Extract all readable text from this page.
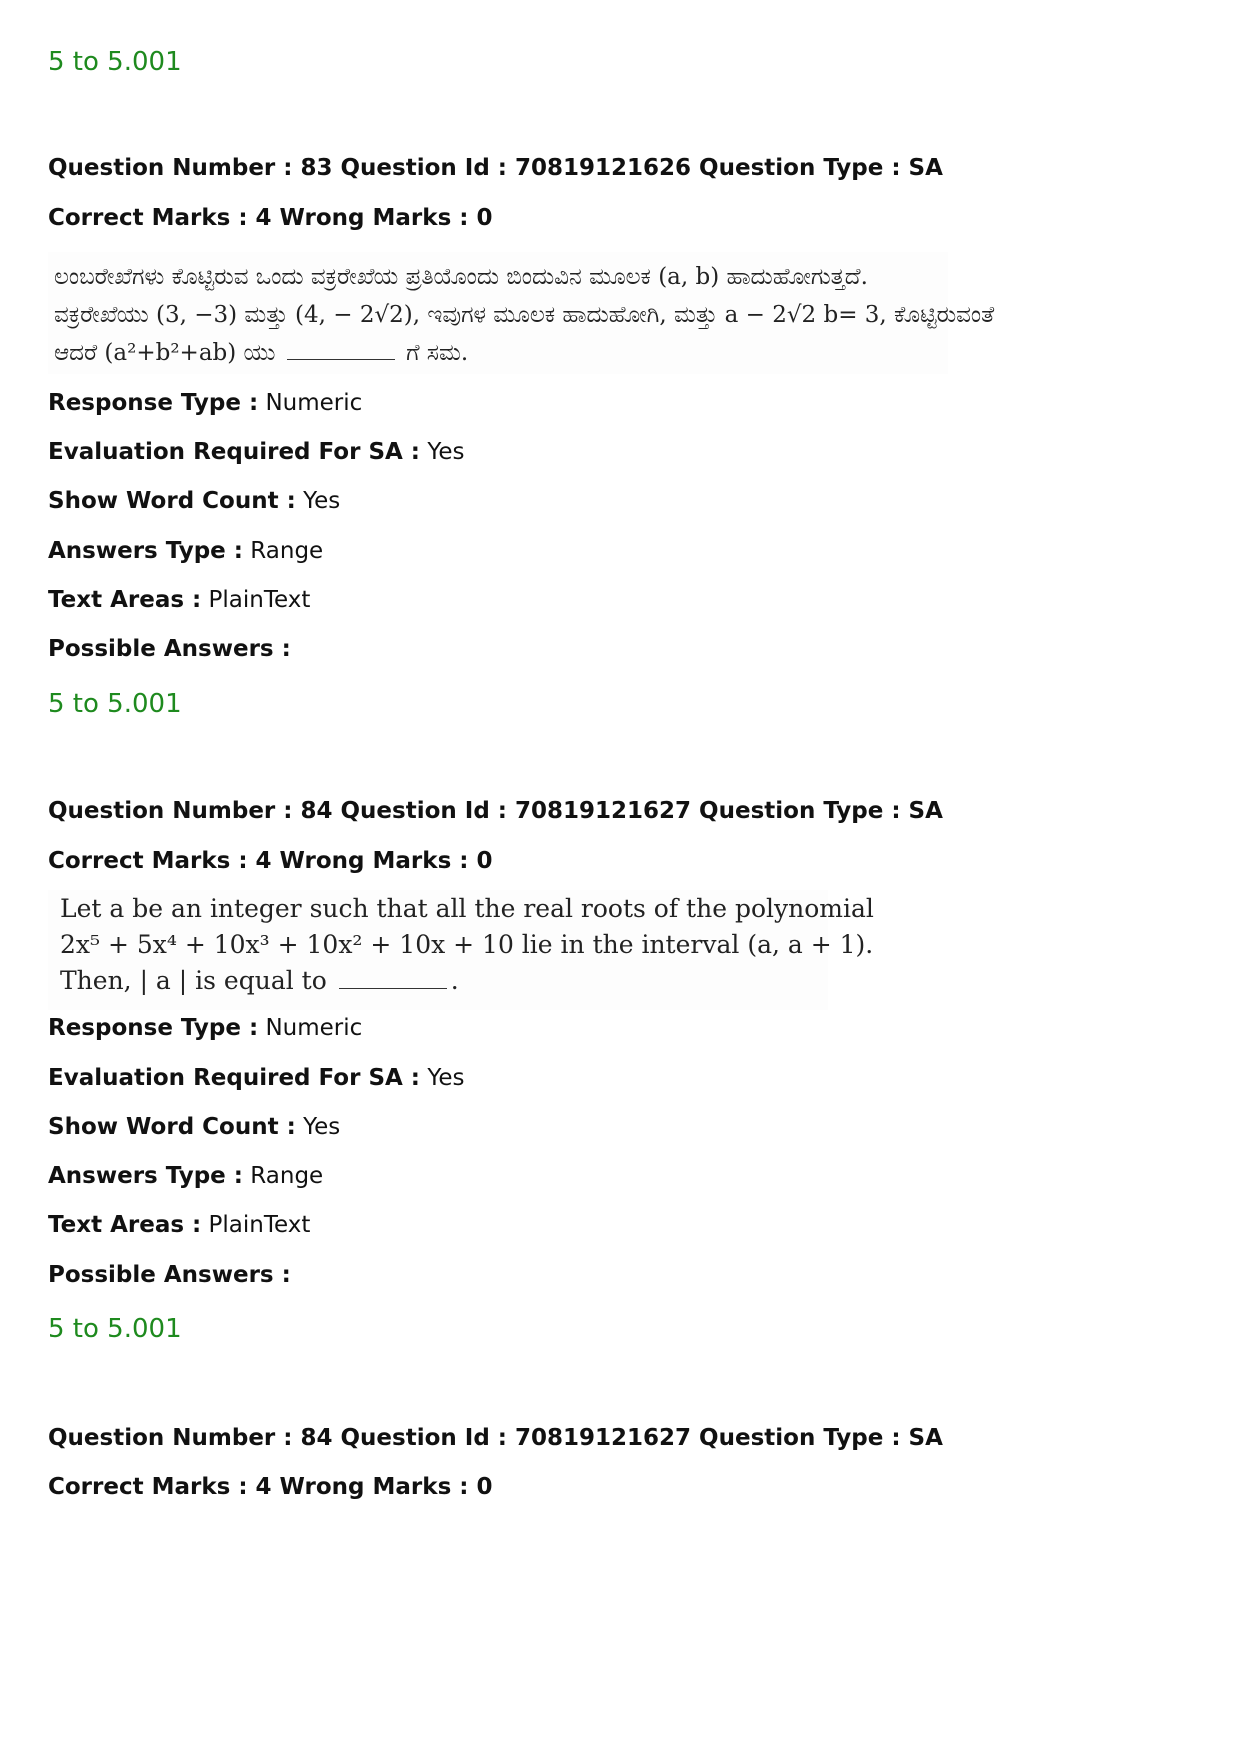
5 to 5.001
Question Number : 83 Question Id : 70819121626 Question Type : SA
Correct Marks : 4 Wrong Marks : 0
ಲಂಬರೇಖೆಗಳು ಕೊಟ್ಟಿರುವ ಒಂದು ವಕ್ರರೇಖೆಯ ಪ್ರತಿಯೊಂದು ಬಿಂದುವಿನ ಮೂಲಕ (a, b) ಹಾದುಹೋಗುತ್ತದೆ.
ವಕ್ರರೇಖೆಯು (3, −3) ಮತ್ತು (4, − 2√2), ಇವುಗಳ ಮೂಲಕ ಹಾದುಹೋಗಿ, ಮತ್ತು a − 2√2 b= 3, ಕೊಟ್ಟಿರುವಂತೆ
ಆದರೆ (a²+b²+ab) ಯು	ಗೆ ಸಮ.
Response Type : Numeric
Evaluation Required For SA : Yes
Show Word Count : Yes
Answers Type : Range
Text Areas : PlainText
Possible Answers :
5 to 5.001
Question Number : 84 Question Id : 70819121627 Question Type : SA
Correct Marks : 4 Wrong Marks : 0
Let a be an integer such that all the real roots of the polynomial
2x⁵ + 5x⁴ + 10x³ + 10x² + 10x + 10 lie in the interval (a, a + 1).
Then, | a | is equal to	.
Response Type : Numeric
Evaluation Required For SA : Yes
Show Word Count : Yes
Answers Type : Range
Text Areas : PlainText
Possible Answers :
5 to 5.001
Question Number : 84 Question Id : 70819121627 Question Type : SA
Correct Marks : 4 Wrong Marks : 0
